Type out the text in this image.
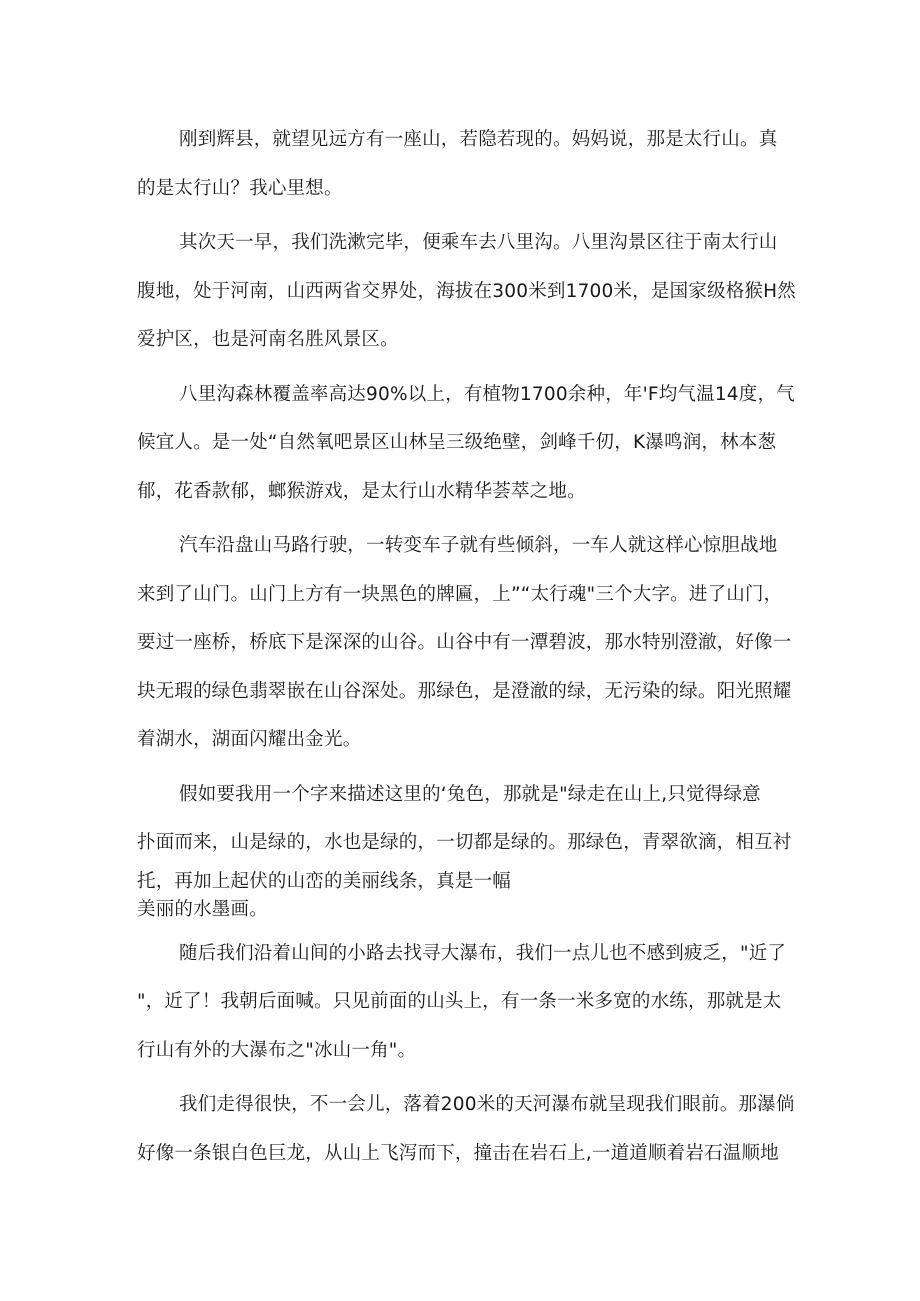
刚到辉县，就望见远方有一座山，若隐若现的。妈妈说，那是太行山。真
的是太行山？我心里想。

其次天一早，我们洗漱完毕，便乘车去八里沟。八里沟景区往于南太行山
腹地，处于河南，山西两省交界处，海拔在300米到1700米，是国家级格猴H然
爱护区，也是河南名胜风景区。

八里沟森林覆盖率高达90%以上，有植物1700余种，年'F均气温14度，气
候宜人。是一处“自然氧吧景区山林呈三级绝壁，剑峰千仞，K瀑鸣润，林本葱
郁，花香款郁，螂猴游戏，是太行山水精华荟萃之地。

汽车沿盘山马路行驶，一转变车子就有些倾斜，一车人就这样心惊胆战地
来到了山门。山门上方有一块黑色的牌匾，上”“太行魂"三个大字。进了山门，
要过一座桥，桥底下是深深的山谷。山谷中有一潭碧波，那水特别澄澈，好像一
块无瑕的绿色翡翠嵌在山谷深处。那绿色，是澄澈的绿，无污染的绿。阳光照耀
着湖水，湖面闪耀出金光。

假如要我用一个字来描述这里的‘兔色，那就是"绿走在山上,只觉得绿意
扑面而来，山是绿的，水也是绿的，一切都是绿的。那绿色，青翠欲滴，相互衬
托，再加上起伏的山峦的美丽线条，真是一幅
美丽的水墨画。

随后我们沿着山间的小路去找寻大瀑布，我们一点儿也不感到疲乏，"近了
"，近了！我朝后面喊。只见前面的山头上，有一条一米多宽的水练，那就是太
行山有外的大瀑布之"冰山一角"。

我们走得很快，不一会儿，落着200米的天河瀑布就呈现我们眼前。那瀑倘
好像一条银白色巨龙，从山上飞泻而下，撞击在岩石上,一道道顺着岩石温顺地
